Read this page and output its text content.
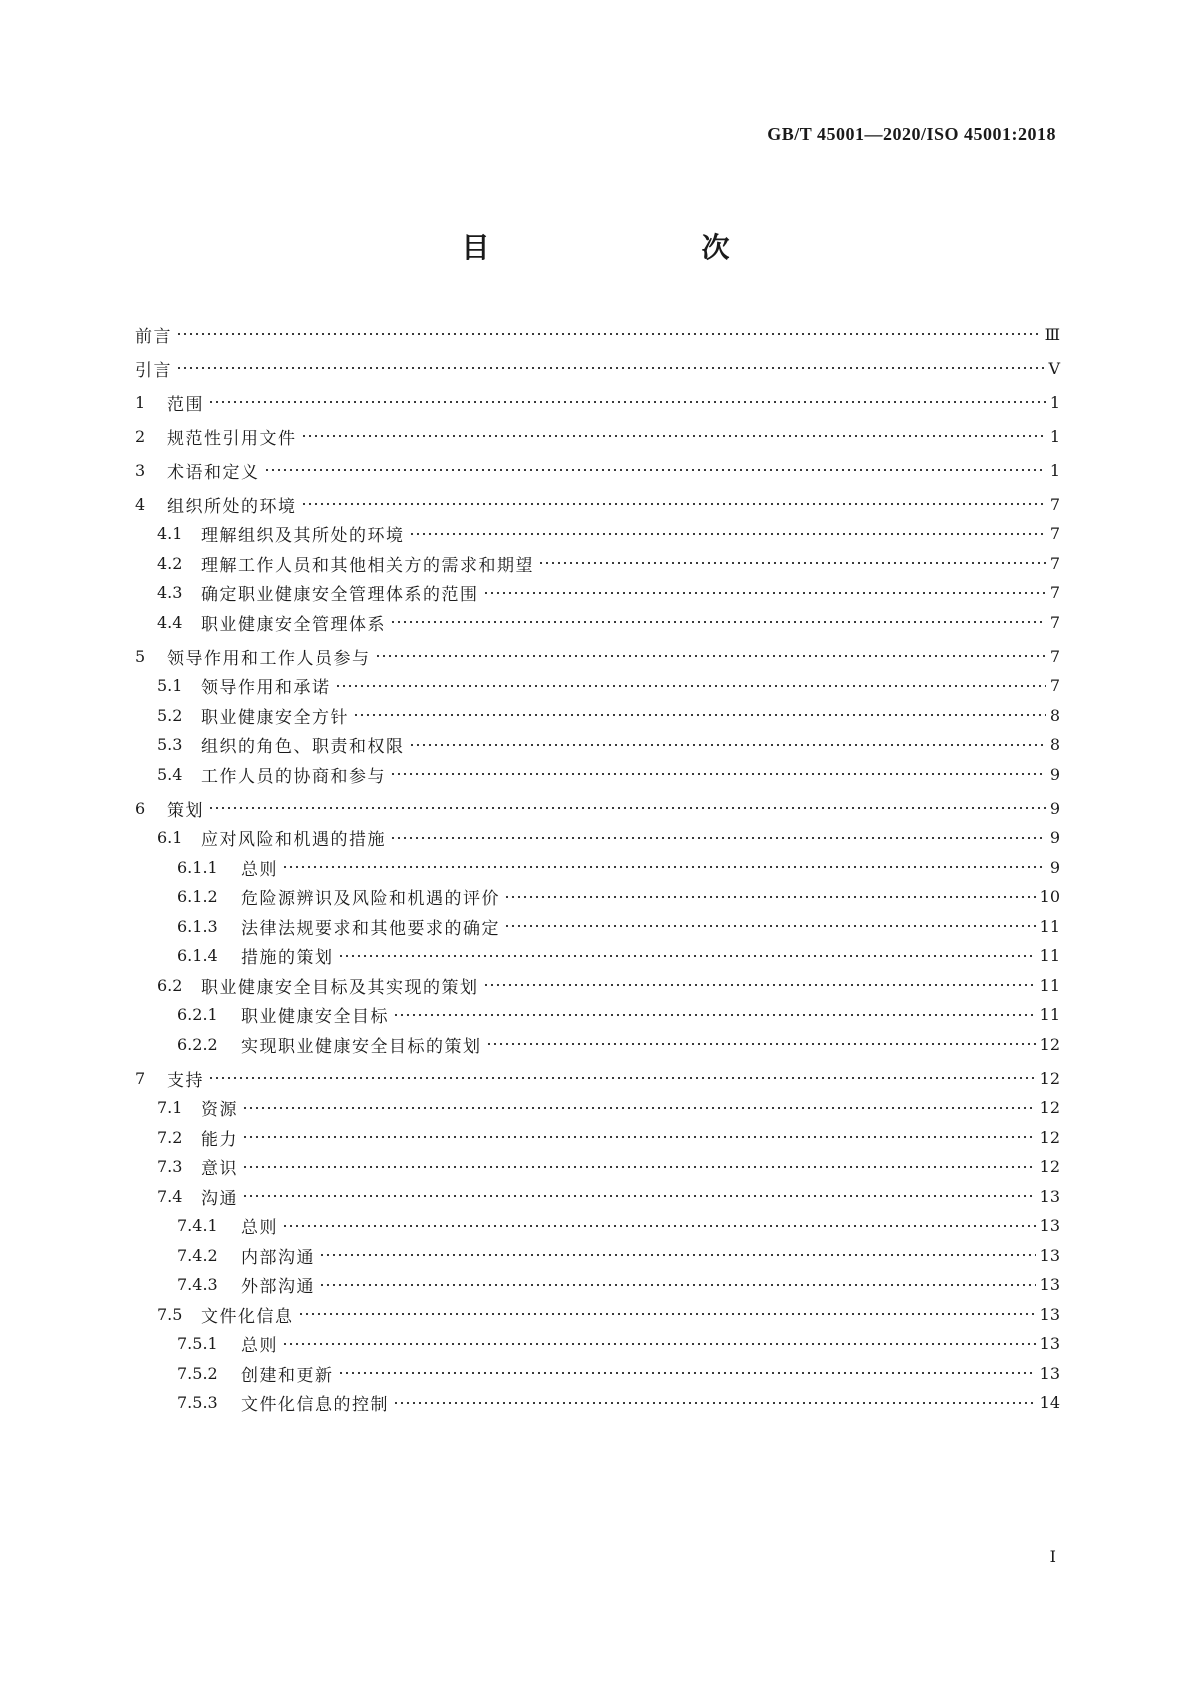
GB/T 45001—2020/ISO 45001:2018
目　　次
前言	Ⅲ
引言	Ⅴ
1	范围	1
2	规范性引用文件	1
3	术语和定义	1
4	组织所处的环境	7
4.1	理解组织及其所处的环境	7
4.2	理解工作人员和其他相关方的需求和期望	7
4.3	确定职业健康安全管理体系的范围	7
4.4	职业健康安全管理体系	7
5	领导作用和工作人员参与	7
5.1	领导作用和承诺	7
5.2	职业健康安全方针	8
5.3	组织的角色、职责和权限	8
5.4	工作人员的协商和参与	9
6	策划	9
6.1	应对风险和机遇的措施	9
6.1.1	总则	9
6.1.2	危险源辨识及风险和机遇的评价	10
6.1.3	法律法规要求和其他要求的确定	11
6.1.4	措施的策划	11
6.2	职业健康安全目标及其实现的策划	11
6.2.1	职业健康安全目标	11
6.2.2	实现职业健康安全目标的策划	12
7	支持	12
7.1	资源	12
7.2	能力	12
7.3	意识	12
7.4	沟通	13
7.4.1	总则	13
7.4.2	内部沟通	13
7.4.3	外部沟通	13
7.5	文件化信息	13
7.5.1	总则	13
7.5.2	创建和更新	13
7.5.3	文件化信息的控制	14
I
